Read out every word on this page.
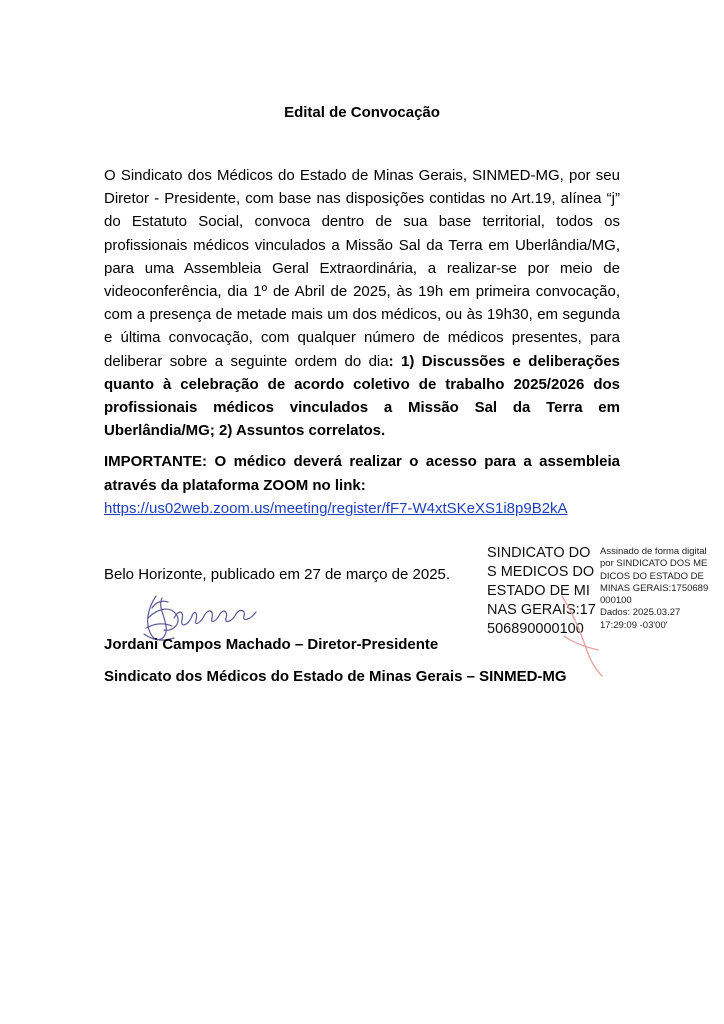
Edital de Convocação

O Sindicato dos Médicos do Estado de Minas Gerais, SINMED-MG, por seu Diretor - Presidente, com base nas disposições contidas no Art.19, alínea “j” do Estatuto Social, convoca dentro de sua base territorial, todos os profissionais médicos vinculados a Missão Sal da Terra em Uberlândia/MG, para uma Assembleia Geral Extraordinária, a realizar-se por meio de videoconferência, dia 1º de Abril de 2025, às 19h em primeira convocação, com a presença de metade mais um dos médicos, ou às 19h30, em segunda e última convocação, com qualquer número de médicos presentes, para deliberar sobre a seguinte ordem do dia: 1) Discussões e deliberações quanto à celebração de acordo coletivo de trabalho 2025/2026 dos profissionais médicos vinculados a Missão Sal da Terra em Uberlândia/MG; 2) Assuntos correlatos.

IMPORTANTE: O médico deverá realizar o acesso para a assembleia através da plataforma ZOOM no link:

https://us02web.zoom.us/meeting/register/fF7-W4xtSKeXS1i8p9B2kA
Belo Horizonte, publicado em 27 de março de 2025.
Jordani Campos Machado – Diretor-Presidente
Sindicato dos Médicos do Estado de Minas Gerais – SINMED-MG
SINDICATO DOS MEDICOS DO ESTADO DE MINAS GERAIS:17506890000100
Assinado de forma digital por SINDICATO DOS MEDICOS DO ESTADO DE MINAS GERAIS:1750689000100
Dados: 2025.03.27
17:29:09 -03'00'
